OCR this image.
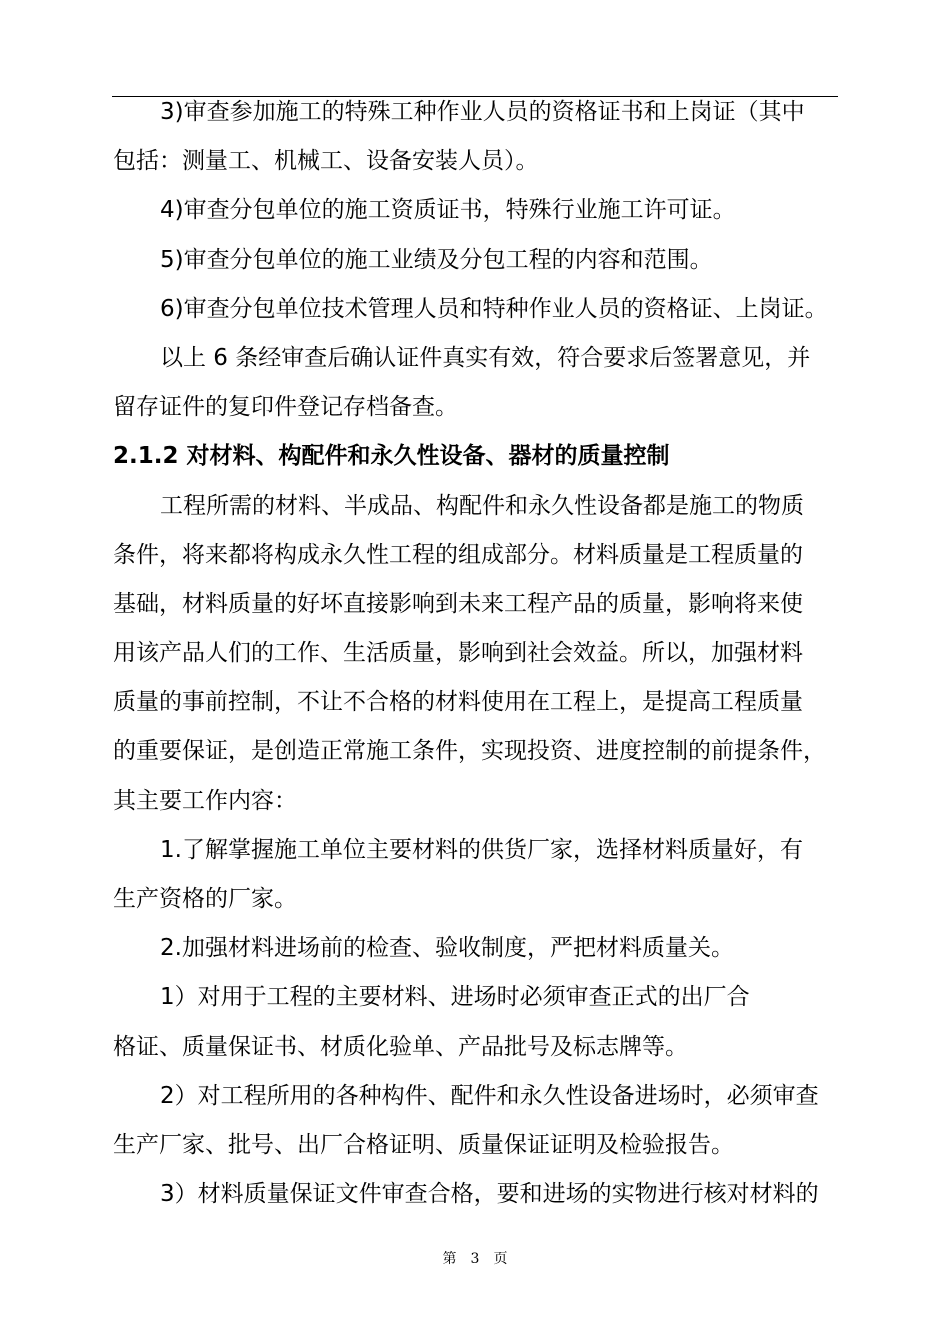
3)审查参加施工的特殊工种作业人员的资格证书和上岗证（其中
包括：测量工、机械工、设备安装人员）。
4)审查分包单位的施工资质证书，特殊行业施工许可证。
5)审查分包单位的施工业绩及分包工程的内容和范围。
6)审查分包单位技术管理人员和特种作业人员的资格证、上岗证。
以上 6 条经审查后确认证件真实有效，符合要求后签署意见，并
留存证件的复印件登记存档备查。
2.1.2 对材料、构配件和永久性设备、器材的质量控制
工程所需的材料、半成品、构配件和永久性设备都是施工的物质
条件，将来都将构成永久性工程的组成部分。材料质量是工程质量的
基础，材料质量的好坏直接影响到未来工程产品的质量，影响将来使
用该产品人们的工作、生活质量，影响到社会效益。所以，加强材料
质量的事前控制，不让不合格的材料使用在工程上，是提高工程质量
的重要保证，是创造正常施工条件，实现投资、进度控制的前提条件，
其主要工作内容：
1.了解掌握施工单位主要材料的供货厂家，选择材料质量好，有
生产资格的厂家。
2.加强材料进场前的检查、验收制度，严把材料质量关。
1）对用于工程的主要材料、进场时必须审查正式的出厂合
格证、质量保证书、材质化验单、产品批号及标志牌等。
2）对工程所用的各种构件、配件和永久性设备进场时，必须审查
生产厂家、批号、出厂合格证明、质量保证证明及检验报告。
3）材料质量保证文件审查合格，要和进场的实物进行核对材料的
第 3 页
